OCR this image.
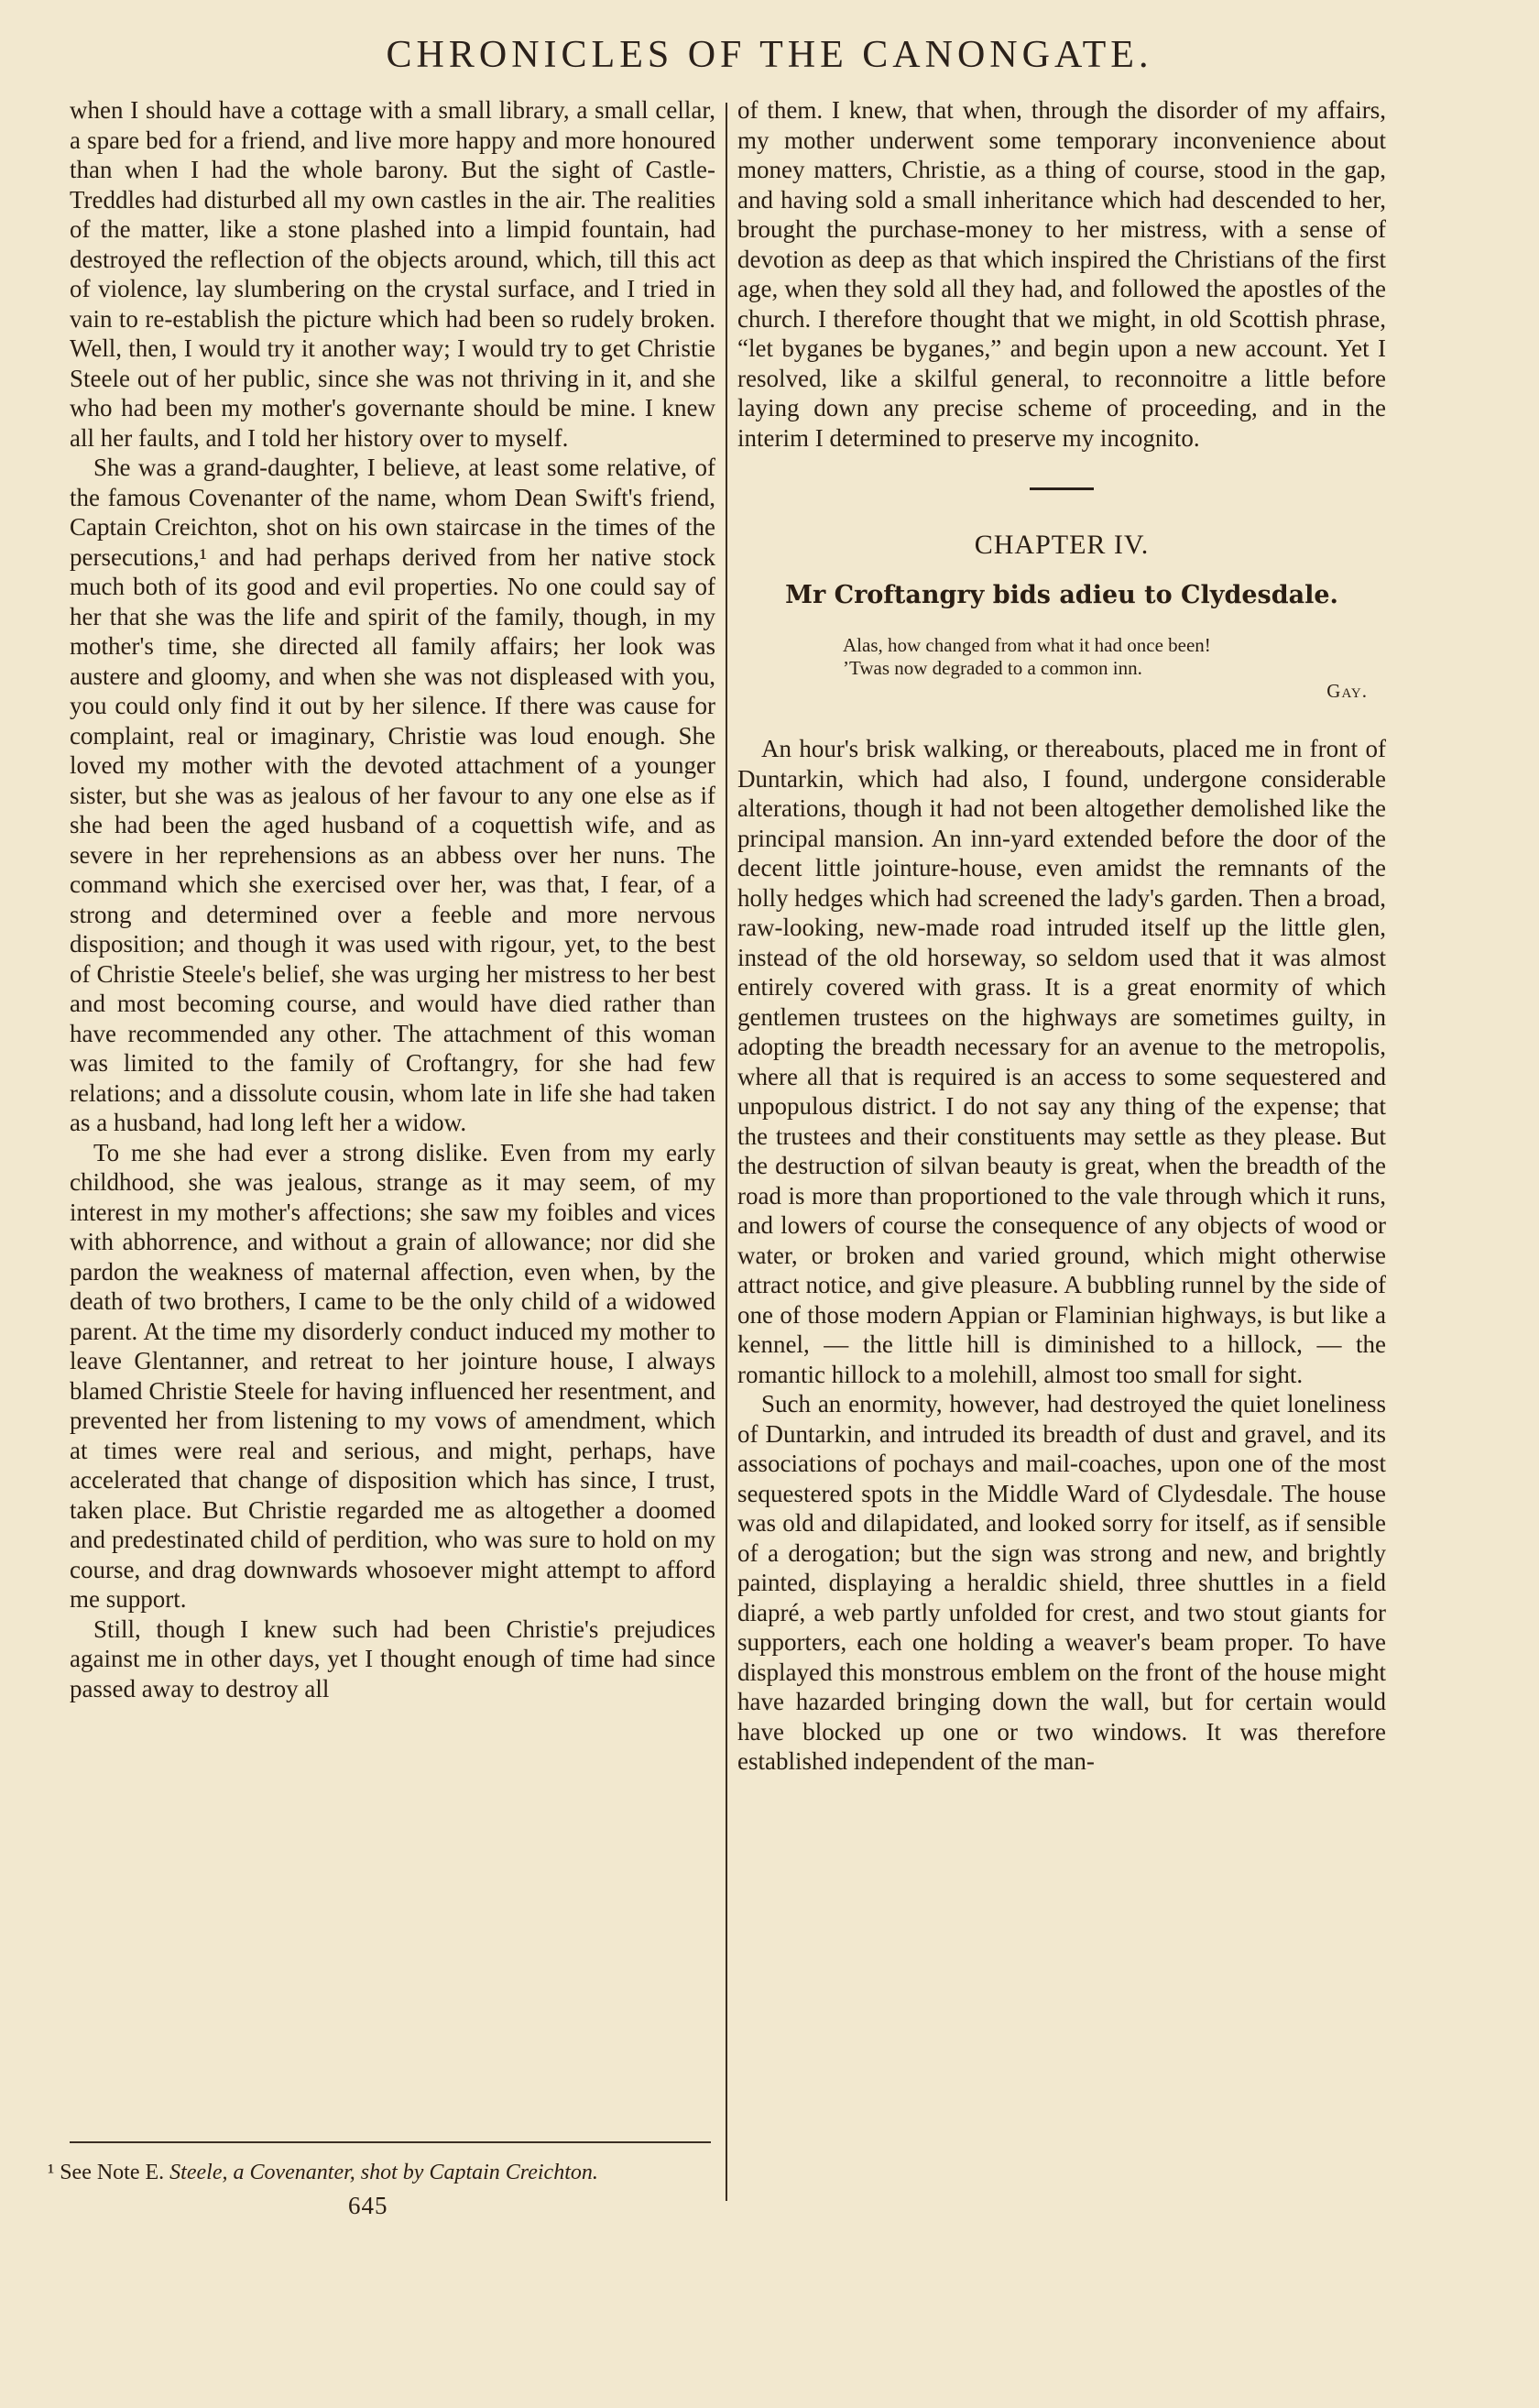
CHRONICLES OF THE CANONGATE.

when I should have a cottage with a small library, a small cellar, a spare bed for a friend, and live more happy and more honoured than when I had the whole barony. But the sight of Castle-Treddles had disturbed all my own castles in the air. The realities of the matter, like a stone plashed into a limpid fountain, had destroyed the reflection of the objects around, which, till this act of violence, lay slumbering on the crystal surface, and I tried in vain to re-establish the picture which had been so rudely broken. Well, then, I would try it another way; I would try to get Christie Steele out of her public, since she was not thriving in it, and she who had been my mother's governante should be mine. I knew all her faults, and I told her history over to myself.

She was a grand-daughter, I believe, at least some relative, of the famous Covenanter of the name, whom Dean Swift's friend, Captain Creichton, shot on his own staircase in the times of the persecutions,¹ and had perhaps derived from her native stock much both of its good and evil properties. No one could say of her that she was the life and spirit of the family, though, in my mother's time, she directed all family affairs; her look was austere and gloomy, and when she was not displeased with you, you could only find it out by her silence. If there was cause for complaint, real or imaginary, Christie was loud enough. She loved my mother with the devoted attachment of a younger sister, but she was as jealous of her favour to any one else as if she had been the aged husband of a coquettish wife, and as severe in her reprehensions as an abbess over her nuns. The command which she exercised over her, was that, I fear, of a strong and determined over a feeble and more nervous disposition; and though it was used with rigour, yet, to the best of Christie Steele's belief, she was urging her mistress to her best and most becoming course, and would have died rather than have recommended any other. The attachment of this woman was limited to the family of Croftangry, for she had few relations; and a dissolute cousin, whom late in life she had taken as a husband, had long left her a widow.

To me she had ever a strong dislike. Even from my early childhood, she was jealous, strange as it may seem, of my interest in my mother's affections; she saw my foibles and vices with abhorrence, and without a grain of allowance; nor did she pardon the weakness of maternal affection, even when, by the death of two brothers, I came to be the only child of a widowed parent. At the time my disorderly conduct induced my mother to leave Glentanner, and retreat to her jointure house, I always blamed Christie Steele for having influenced her resentment, and prevented her from listening to my vows of amendment, which at times were real and serious, and might, perhaps, have accelerated that change of disposition which has since, I trust, taken place. But Christie regarded me as altogether a doomed and predestinated child of perdition, who was sure to hold on my course, and drag downwards whosoever might attempt to afford me support.

Still, though I knew such had been Christie's prejudices against me in other days, yet I thought enough of time had since passed away to destroy all

of them. I knew, that when, through the disorder of my affairs, my mother underwent some temporary inconvenience about money matters, Christie, as a thing of course, stood in the gap, and having sold a small inheritance which had descended to her, brought the purchase-money to her mistress, with a sense of devotion as deep as that which inspired the Christians of the first age, when they sold all they had, and followed the apostles of the church. I therefore thought that we might, in old Scottish phrase, “let byganes be byganes,” and begin upon a new account. Yet I resolved, like a skilful general, to reconnoitre a little before laying down any precise scheme of proceeding, and in the interim I determined to preserve my incognito.

CHAPTER IV.
Mr Croftangry bids adieu to Clydesdale.
Alas, how changed from what it had once been!
’Twas now degraded to a common inn.
Gay.

An hour's brisk walking, or thereabouts, placed me in front of Duntarkin, which had also, I found, undergone considerable alterations, though it had not been altogether demolished like the principal mansion. An inn-yard extended before the door of the decent little jointure-house, even amidst the remnants of the holly hedges which had screened the lady's garden. Then a broad, raw-looking, new-made road intruded itself up the little glen, instead of the old horseway, so seldom used that it was almost entirely covered with grass. It is a great enormity of which gentlemen trustees on the highways are sometimes guilty, in adopting the breadth necessary for an avenue to the metropolis, where all that is required is an access to some sequestered and unpopulous district. I do not say any thing of the expense; that the trustees and their constituents may settle as they please. But the destruction of silvan beauty is great, when the breadth of the road is more than proportioned to the vale through which it runs, and lowers of course the consequence of any objects of wood or water, or broken and varied ground, which might otherwise attract notice, and give pleasure. A bubbling runnel by the side of one of those modern Appian or Flaminian highways, is but like a kennel, — the little hill is diminished to a hillock, — the romantic hillock to a molehill, almost too small for sight.

Such an enormity, however, had destroyed the quiet loneliness of Duntarkin, and intruded its breadth of dust and gravel, and its associations of pochays and mail-coaches, upon one of the most sequestered spots in the Middle Ward of Clydesdale. The house was old and dilapidated, and looked sorry for itself, as if sensible of a derogation; but the sign was strong and new, and brightly painted, displaying a heraldic shield, three shuttles in a field diapré, a web partly unfolded for crest, and two stout giants for supporters, each one holding a weaver's beam proper. To have displayed this monstrous emblem on the front of the house might have hazarded bringing down the wall, but for certain would have blocked up one or two windows. It was therefore established independent of the man-

¹ See Note E. Steele, a Covenanter, shot by Captain Creichton.
645
